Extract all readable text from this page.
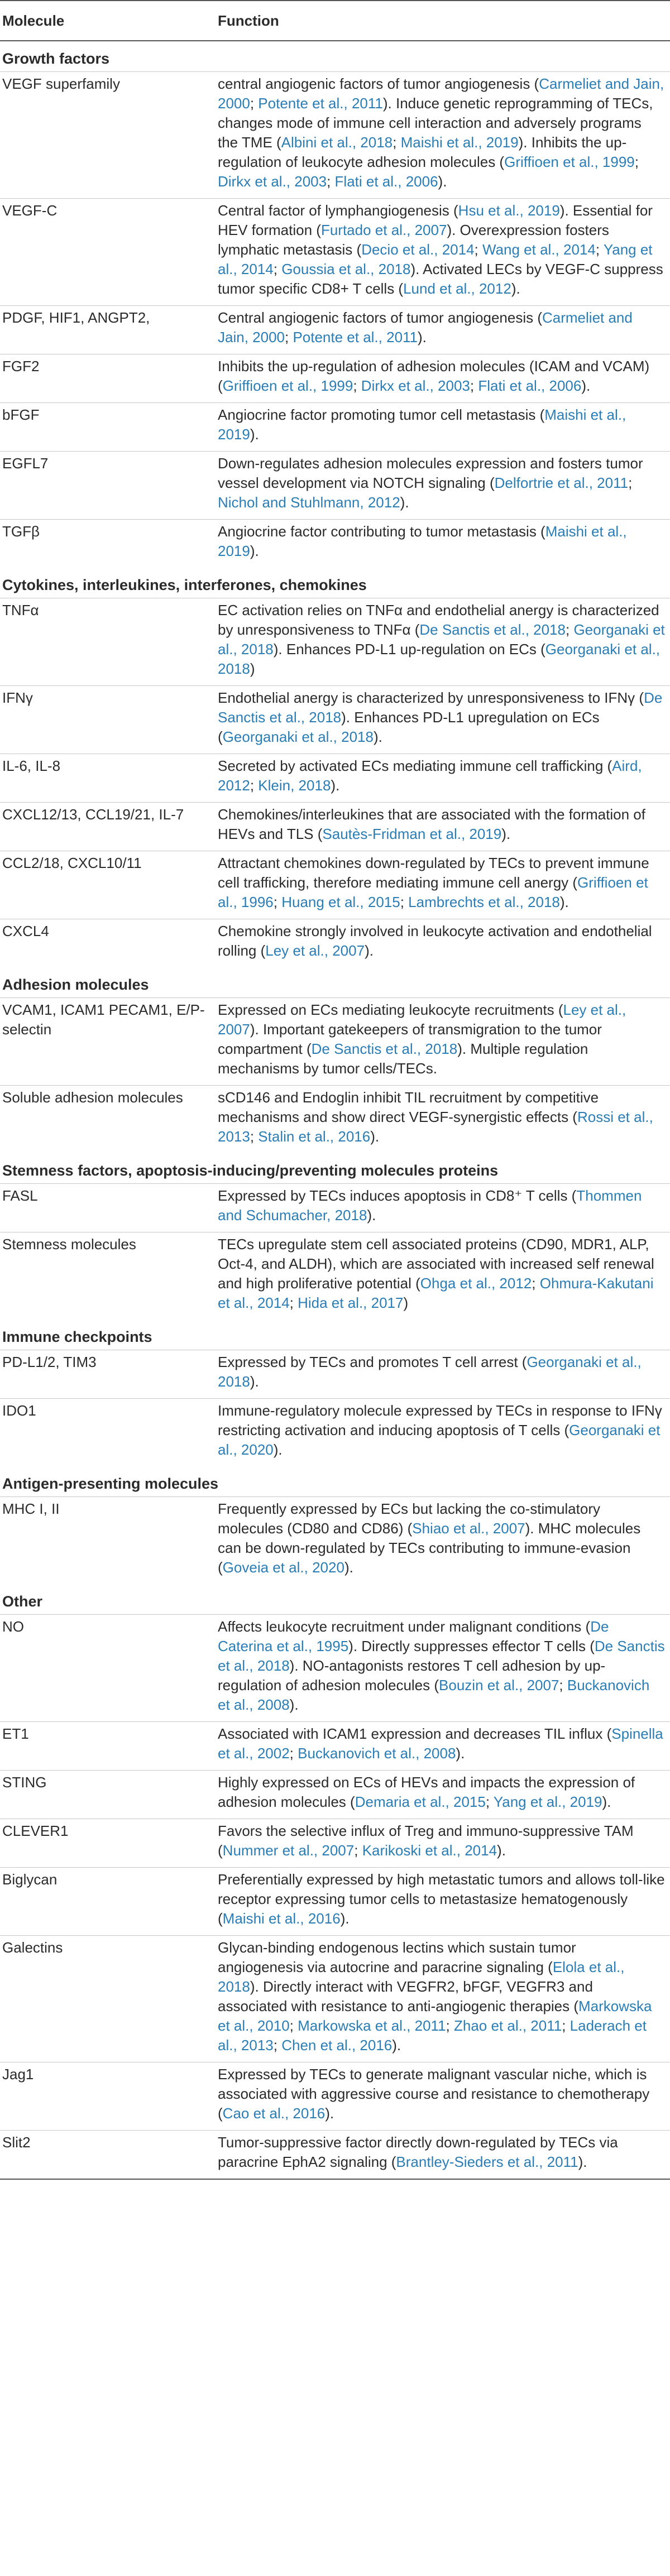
Molecule	Function
Growth factors	
VEGF superfamily	central angiogenic factors of tumor angiogenesis (Carmeliet and Jain, 2000; Potente et al., 2011). Induce genetic reprogramming of TECs, changes mode of immune cell interaction and adversely programs the TME (Albini et al., 2018; Maishi et al., 2019). Inhibits the up-regulation of leukocyte adhesion molecules (Griffioen et al., 1999; Dirkx et al., 2003; Flati et al., 2006).
VEGF-C	Central factor of lymphangiogenesis (Hsu et al., 2019). Essential for HEV formation (Furtado et al., 2007). Overexpression fosters lymphatic metastasis (Decio et al., 2014; Wang et al., 2014; Yang et al., 2014; Goussia et al., 2018). Activated LECs by VEGF-C suppress tumor specific CD8+ T cells (Lund et al., 2012).
PDGF, HIF1, ANGPT2,	Central angiogenic factors of tumor angiogenesis (Carmeliet and Jain, 2000; Potente et al., 2011).
FGF2	Inhibits the up-regulation of adhesion molecules (ICAM and VCAM) (Griffioen et al., 1999; Dirkx et al., 2003; Flati et al., 2006).
bFGF	Angiocrine factor promoting tumor cell metastasis (Maishi et al., 2019).
EGFL7	Down-regulates adhesion molecules expression and fosters tumor vessel development via NOTCH signaling (Delfortrie et al., 2011; Nichol and Stuhlmann, 2012).
TGFβ	Angiocrine factor contributing to tumor metastasis (Maishi et al., 2019).
Cytokines, interleukines, interferones, chemokines	
TNFα	EC activation relies on TNFα and endothelial anergy is characterized by unresponsiveness to TNFα (De Sanctis et al., 2018; Georganaki et al., 2018). Enhances PD-L1 up-regulation on ECs (Georganaki et al., 2018)
IFNγ	Endothelial anergy is characterized by unresponsiveness to IFNγ (De Sanctis et al., 2018). Enhances PD-L1 upregulation on ECs (Georganaki et al., 2018).
IL-6, IL-8	Secreted by activated ECs mediating immune cell trafficking (Aird, 2012; Klein, 2018).
CXCL12/13, CCL19/21, IL-7	Chemokines/interleukines that are associated with the formation of HEVs and TLS (Sautès-Fridman et al., 2019).
CCL2/18, CXCL10/11	Attractant chemokines down-regulated by TECs to prevent immune cell trafficking, therefore mediating immune cell anergy (Griffioen et al., 1996; Huang et al., 2015; Lambrechts et al., 2018).
CXCL4	Chemokine strongly involved in leukocyte activation and endothelial rolling (Ley et al., 2007).
Adhesion molecules	
VCAM1, ICAM1 PECAM1, E/P-selectin	Expressed on ECs mediating leukocyte recruitments (Ley et al., 2007). Important gatekeepers of transmigration to the tumor compartment (De Sanctis et al., 2018). Multiple regulation mechanisms by tumor cells/TECs.
Soluble adhesion molecules	sCD146 and Endoglin inhibit TIL recruitment by competitive mechanisms and show direct VEGF-synergistic effects (Rossi et al., 2013; Stalin et al., 2016).
Stemness factors, apoptosis-inducing/preventing molecules proteins	
FASL	Expressed by TECs induces apoptosis in CD8⁺ T cells (Thommen and Schumacher, 2018).
Stemness molecules	TECs upregulate stem cell associated proteins (CD90, MDR1, ALP, Oct-4, and ALDH), which are associated with increased self renewal and high proliferative potential (Ohga et al., 2012; Ohmura-Kakutani et al., 2014; Hida et al., 2017)
Immune checkpoints	
PD-L1/2, TIM3	Expressed by TECs and promotes T cell arrest (Georganaki et al., 2018).
IDO1	Immune-regulatory molecule expressed by TECs in response to IFNγ restricting activation and inducing apoptosis of T cells (Georganaki et al., 2020).
Antigen-presenting molecules	
MHC I, II	Frequently expressed by ECs but lacking the co-stimulatory molecules (CD80 and CD86) (Shiao et al., 2007). MHC molecules can be down-regulated by TECs contributing to immune-evasion (Goveia et al., 2020).
Other	
NO	Affects leukocyte recruitment under malignant conditions (De Caterina et al., 1995). Directly suppresses effector T cells (De Sanctis et al., 2018). NO-antagonists restores T cell adhesion by up-regulation of adhesion molecules (Bouzin et al., 2007; Buckanovich et al., 2008).
ET1	Associated with ICAM1 expression and decreases TIL influx (Spinella et al., 2002; Buckanovich et al., 2008).
STING	Highly expressed on ECs of HEVs and impacts the expression of adhesion molecules (Demaria et al., 2015; Yang et al., 2019).
CLEVER1	Favors the selective influx of Treg and immuno-suppressive TAM (Nummer et al., 2007; Karikoski et al., 2014).
Biglycan	Preferentially expressed by high metastatic tumors and allows toll-like receptor expressing tumor cells to metastasize hematogenously (Maishi et al., 2016).
Galectins	Glycan-binding endogenous lectins which sustain tumor angiogenesis via autocrine and paracrine signaling (Elola et al., 2018). Directly interact with VEGFR2, bFGF, VEGFR3 and associated with resistance to anti-angiogenic therapies (Markowska et al., 2010; Markowska et al., 2011; Zhao et al., 2011; Laderach et al., 2013; Chen et al., 2016).
Jag1	Expressed by TECs to generate malignant vascular niche, which is associated with aggressive course and resistance to chemotherapy (Cao et al., 2016).
Slit2	Tumor-suppressive factor directly down-regulated by TECs via paracrine EphA2 signaling (Brantley-Sieders et al., 2011).
